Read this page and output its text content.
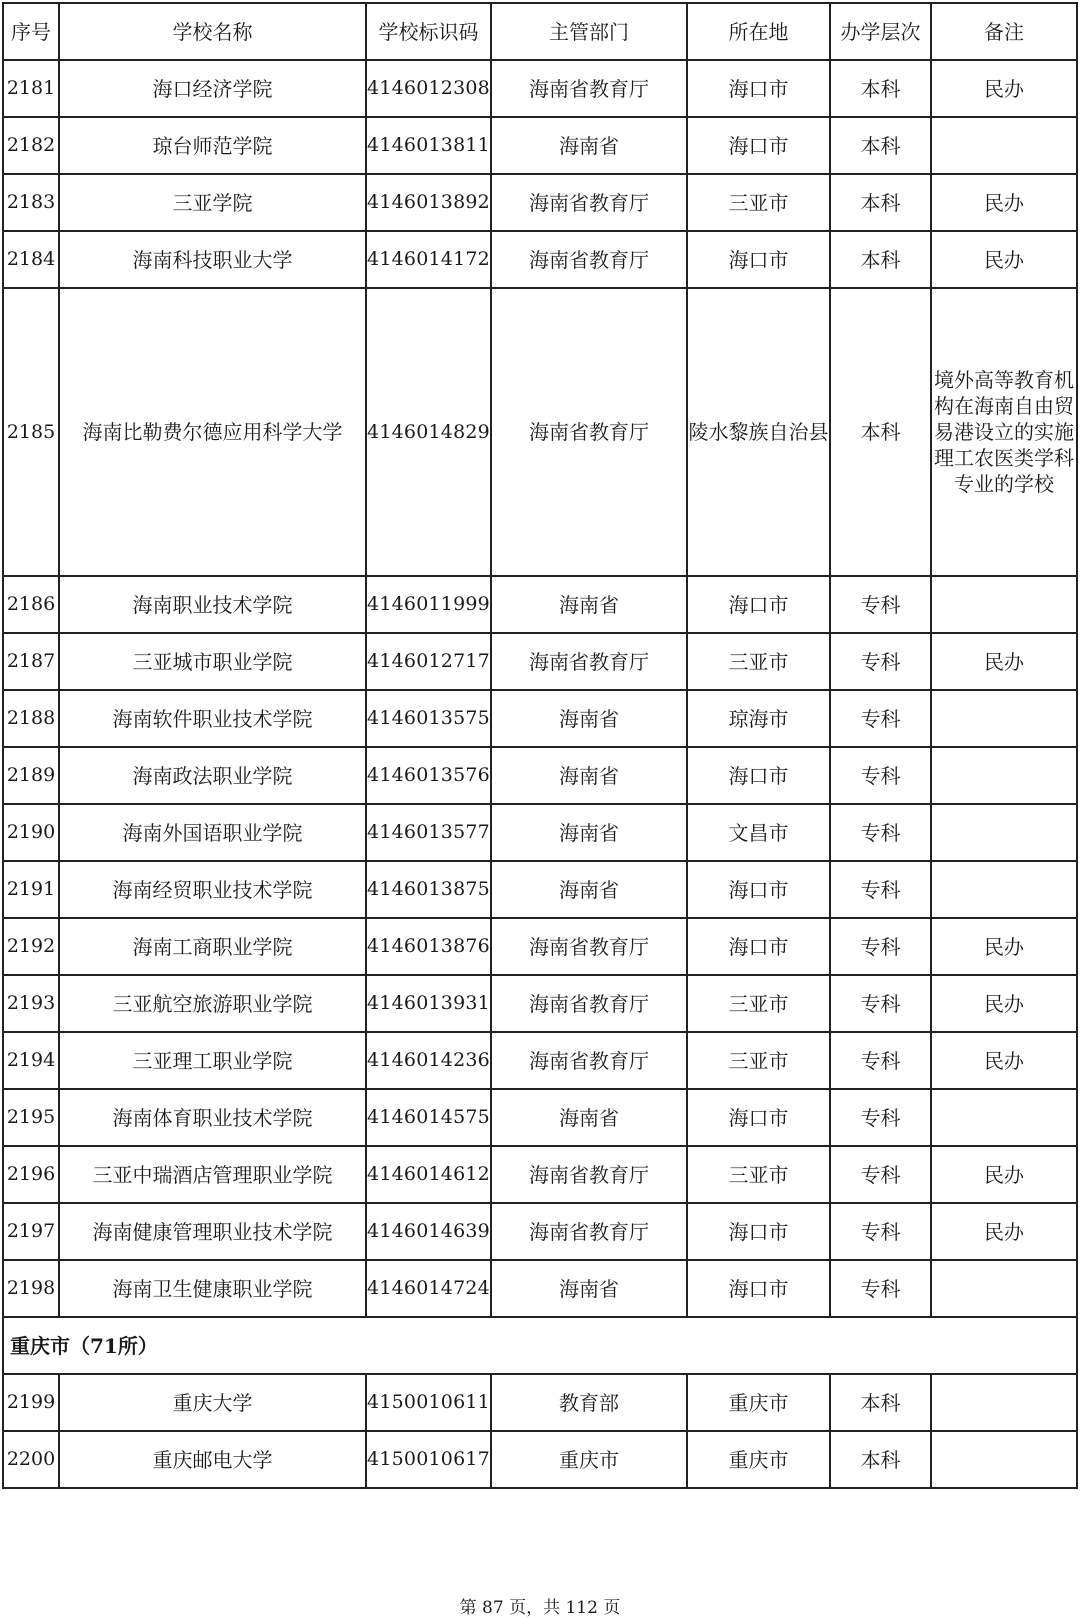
序号	学校名称	学校标识码	主管部门	所在地	办学层次	备注
2181	海口经济学院	4146012308	海南省教育厅	海口市	本科	民办
2182	琼台师范学院	4146013811	海南省	海口市	本科	
2183	三亚学院	4146013892	海南省教育厅	三亚市	本科	民办
2184	海南科技职业大学	4146014172	海南省教育厅	海口市	本科	民办
2185	海南比勒费尔德应用科学大学	4146014829	海南省教育厅	陵水黎族自治县	本科	境外高等教育机构在海南自由贸易港设立的实施理工农医类学科专业的学校
2186	海南职业技术学院	4146011999	海南省	海口市	专科	
2187	三亚城市职业学院	4146012717	海南省教育厅	三亚市	专科	民办
2188	海南软件职业技术学院	4146013575	海南省	琼海市	专科	
2189	海南政法职业学院	4146013576	海南省	海口市	专科	
2190	海南外国语职业学院	4146013577	海南省	文昌市	专科	
2191	海南经贸职业技术学院	4146013875	海南省	海口市	专科	
2192	海南工商职业学院	4146013876	海南省教育厅	海口市	专科	民办
2193	三亚航空旅游职业学院	4146013931	海南省教育厅	三亚市	专科	民办
2194	三亚理工职业学院	4146014236	海南省教育厅	三亚市	专科	民办
2195	海南体育职业技术学院	4146014575	海南省	海口市	专科	
2196	三亚中瑞酒店管理职业学院	4146014612	海南省教育厅	三亚市	专科	民办
2197	海南健康管理职业技术学院	4146014639	海南省教育厅	海口市	专科	民办
2198	海南卫生健康职业学院	4146014724	海南省	海口市	专科	
重庆市（71所）						
2199	重庆大学	4150010611	教育部	重庆市	本科	
2200	重庆邮电大学	4150010617	重庆市	重庆市	本科	
第 87 页，共 112 页
